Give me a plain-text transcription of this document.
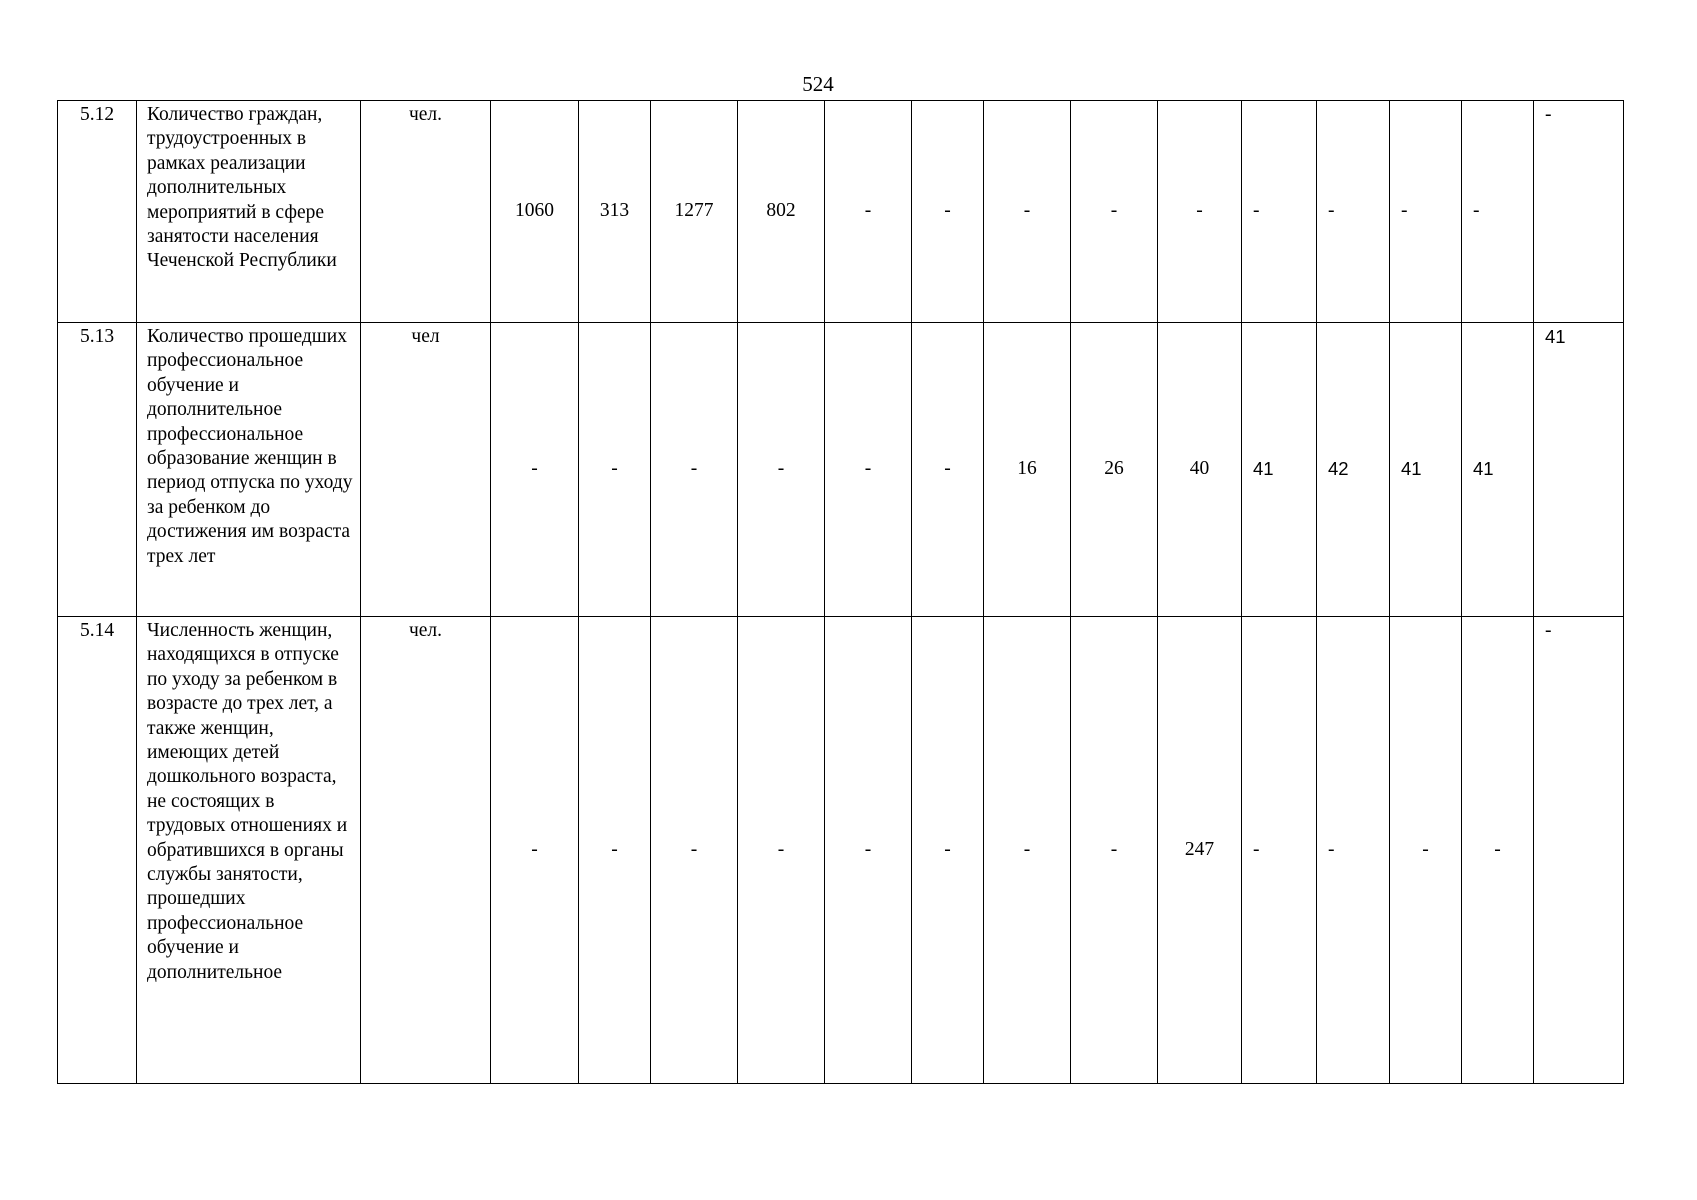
524
5.12	Количество граждан, трудоустроенных в рамках реализации дополнительных мероприятий в сфере занятости населения Чеченской Республики	чел.	1060	313	1277	802	-	-	-	-	-	-	-	-	-	-
5.13	Количество прошедших профессиональное обучение и дополнительное профессиональное образование женщин в период отпуска по уходу за ребенком до достижения им возраста трех лет	чел	-	-	-	-	-	-	16	26	40	41	42	41	41	41
5.14	Численность женщин, находящихся в отпуске по уходу за ребенком в возрасте до трех лет, а также женщин, имеющих детей дошкольного возраста, не состоящих в трудовых отношениях и обратившихся в органы службы занятости, прошедших профессиональное обучение и дополнительное	чел.	-	-	-	-	-	-	-	-	247	-	-	-	-	-
